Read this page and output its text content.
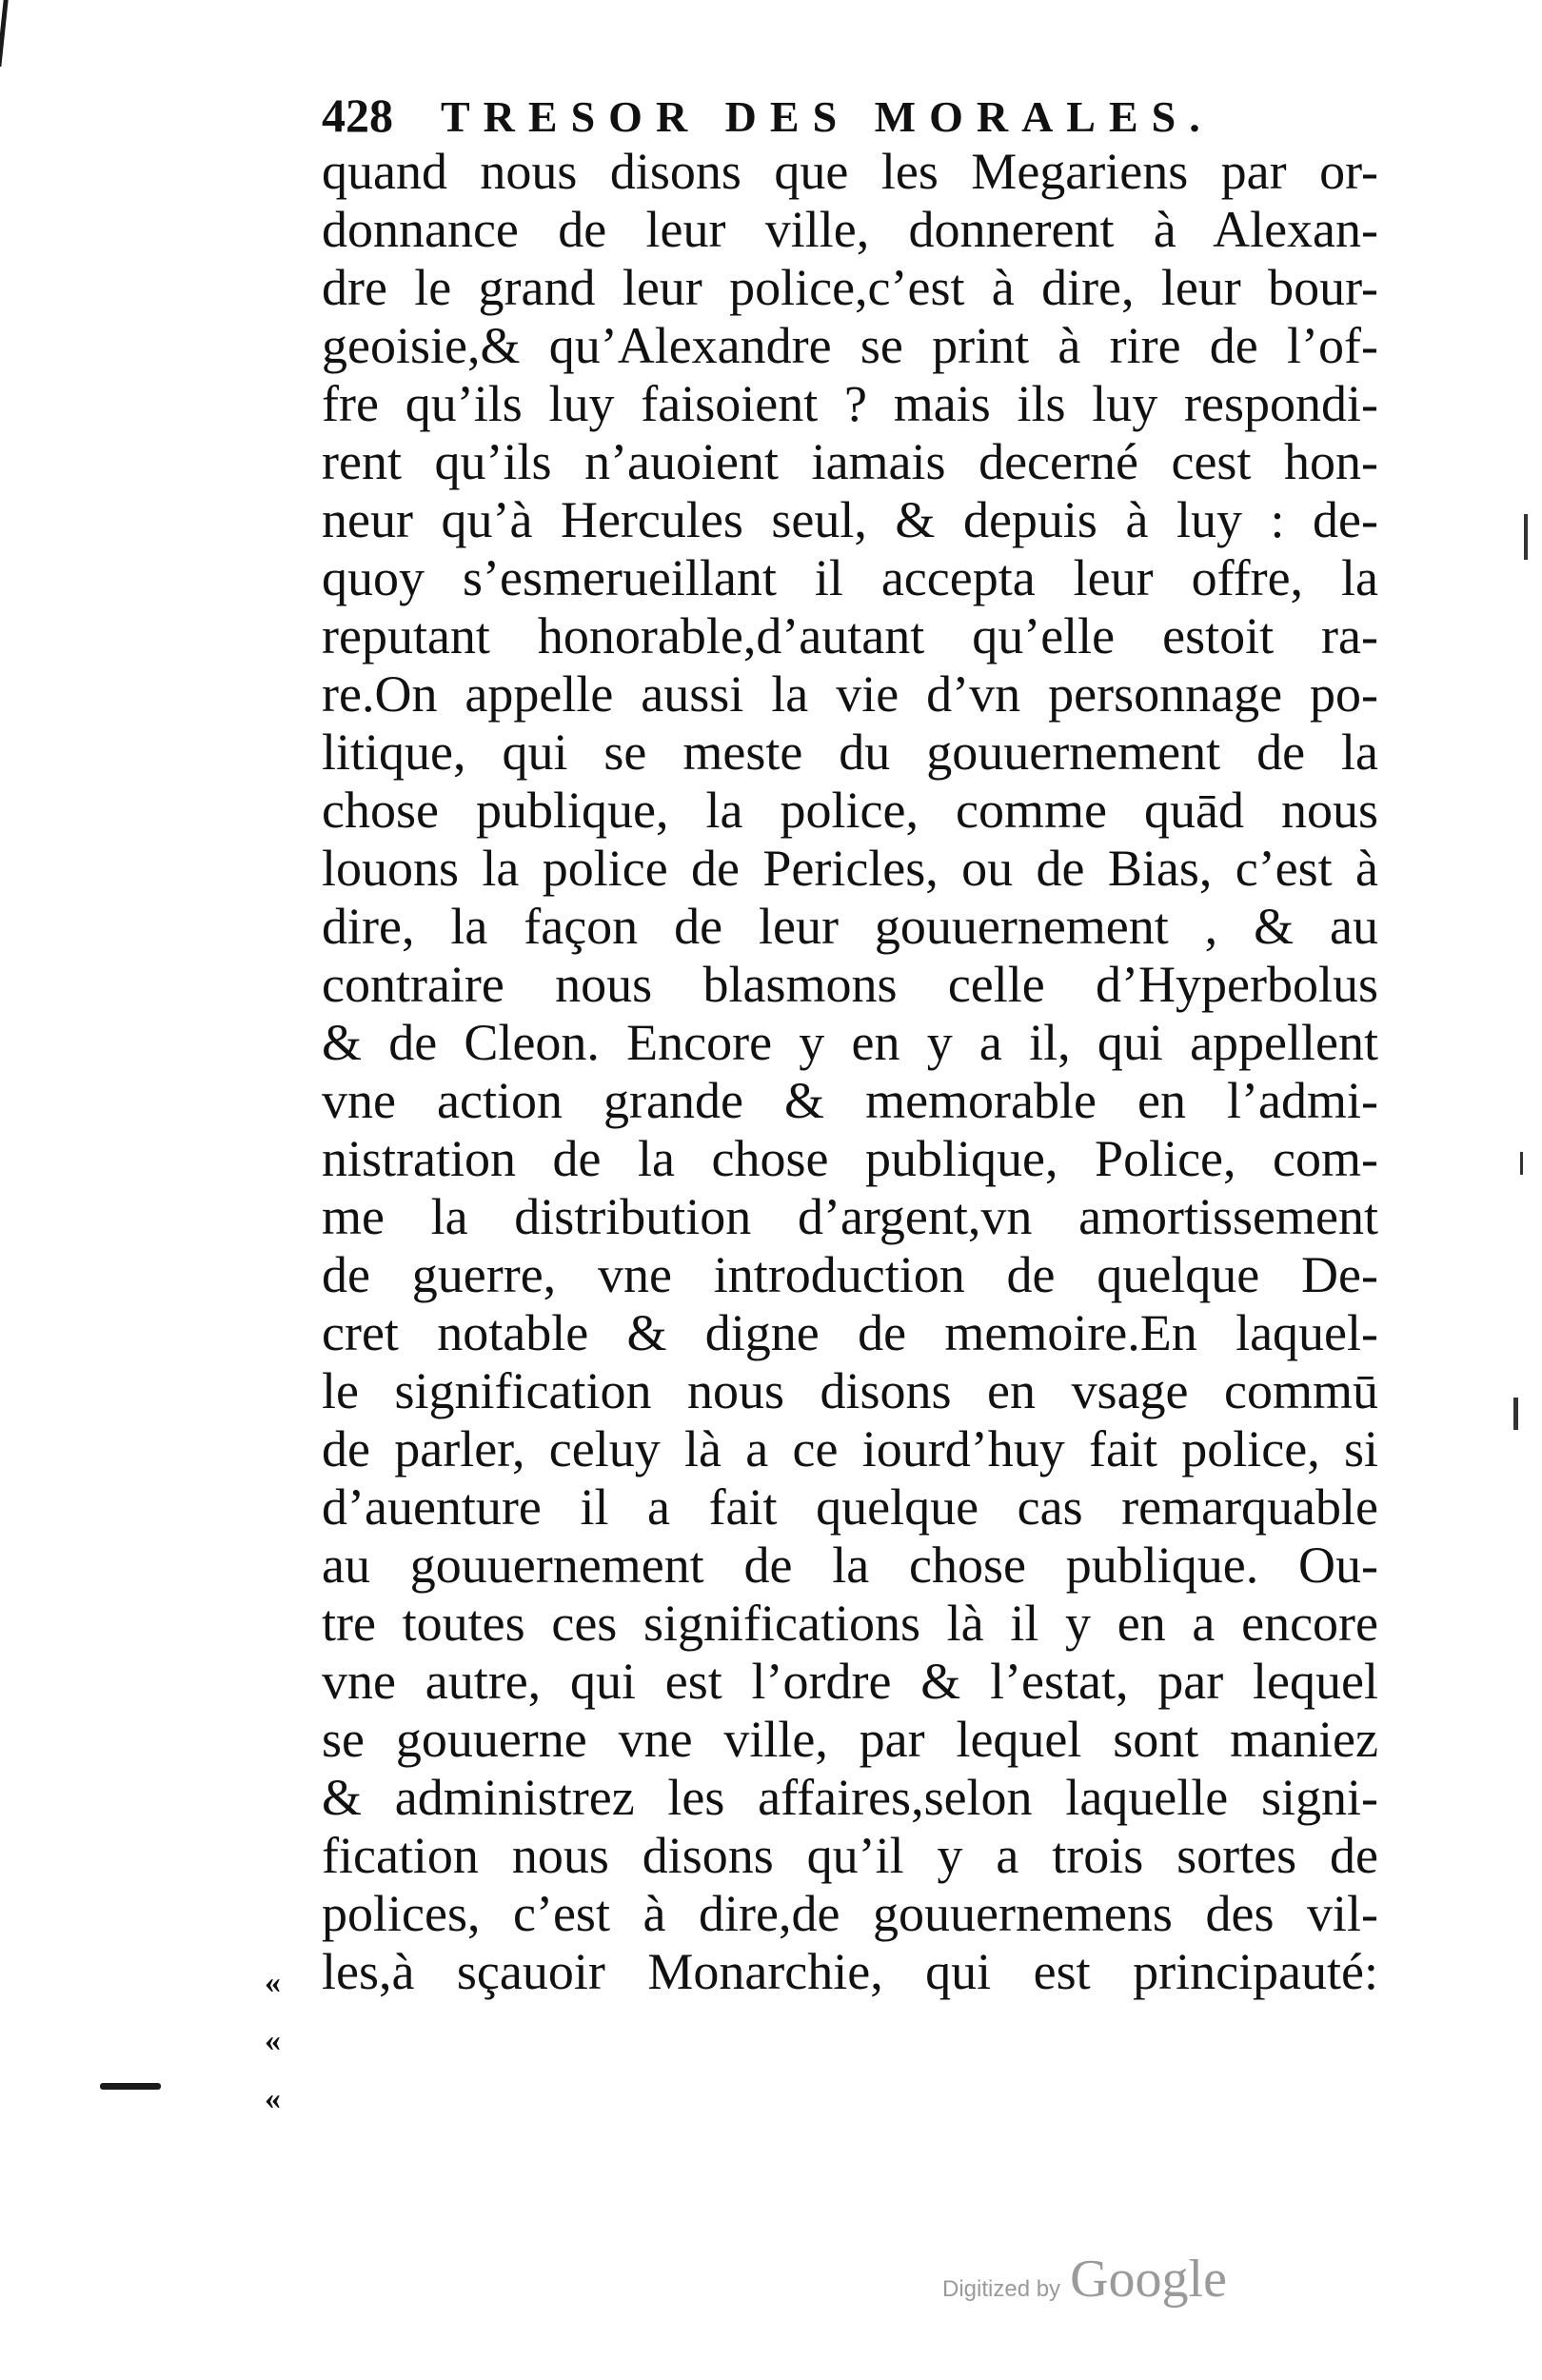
428 TRESOR DES MORALES.
quand nous disons que les Megariens par or-
donnance de leur ville, donnerent à Alexan-
dre le grand leur police,c’est à dire, leur bour-
geoisie,& qu’Alexandre se print à rire de l’of-
fre qu’ils luy faisoient ? mais ils luy respondi-
rent qu’ils n’auoient iamais decerné cest hon-
neur qu’à Hercules seul, & depuis à luy : de-
quoy s’esmerueillant il accepta leur offre, la
reputant honorable,d’autant qu’elle estoit ra-
re.On appelle aussi la vie d’vn personnage po-
litique, qui se meste du gouuernement de la
chose publique, la police, comme quād nous
louons la police de Pericles, ou de Bias, c’est à
dire, la façon de leur gouuernement , & au
contraire nous blasmons celle d’Hyperbolus
& de Cleon. Encore y en y a il, qui appellent
vne action grande & memorable en l’admi-
nistration de la chose publique, Police, com-
me la distribution d’argent,vn amortissement
de guerre, vne introduction de quelque De-
cret notable & digne de memoire.En laquel-
le signification nous disons en vsage commū
de parler, celuy là a ce iourd’huy fait police, si
d’auenture il a fait quelque cas remarquable
au gouuernement de la chose publique. Ou-
tre toutes ces significations là il y en a encore
vne autre, qui est l’ordre & l’estat, par lequel
se gouuerne vne ville, par lequel sont maniez
& administrez les affaires,selon laquelle signi-
fication nous disons qu’il y a trois sortes de
polices, c’est à dire,de gouuernemens des vil-
les,à sçauoir Monarchie, qui est principauté:
«
«
«
Digitized by Google
